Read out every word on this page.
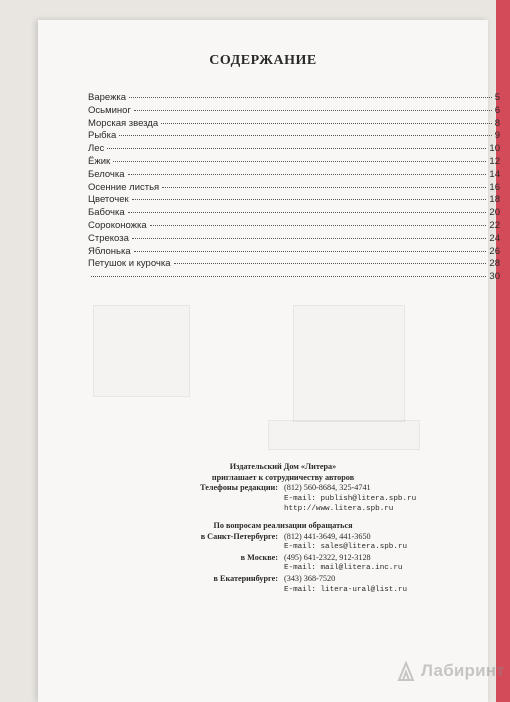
СОДЕРЖАНИЕ
Варежка	5
Осьминог	6
Морская звезда	8
Рыбка	9
Лес	10
Ёжик	12
Белочка	14
Осенние листья	16
Цветочек	18
Бабочка	20
Сороконожка	22
Стрекоза	24
Яблонька	26
Петушок и курочка	28
30
Издательский Дом «Литера»
приглашает к сотрудничеству авторов
Телефоны редакции: (812) 560-8684, 325-4741
E-mail: publish@litera.spb.ru
http://www.litera.spb.ru
По вопросам реализации обращаться
в Санкт-Петербурге: (812) 441-3649, 441-3650
E-mail: sales@litera.spb.ru
в Москве: (495) 641-2322, 912-3128
E-mail: mail@litera.inc.ru
в Екатеринбурге: (343) 368-7520
E-mail: litera-ural@list.ru
Лабиринт
